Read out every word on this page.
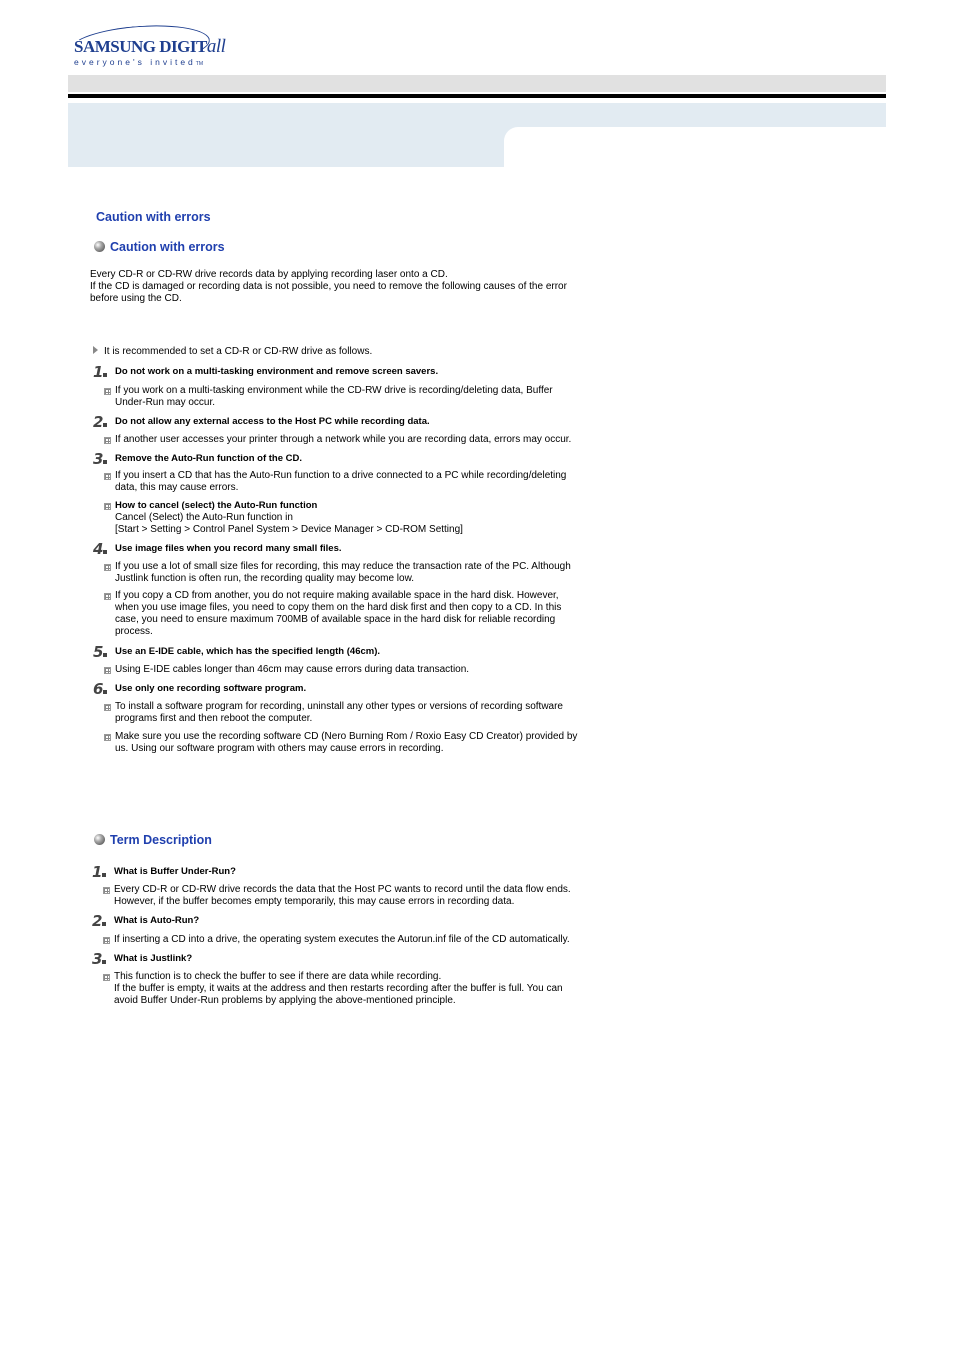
SAMSUNG DIGITall
everyone's invitedTM
Caution with errors
Caution with errors
Every CD-R or CD-RW drive records data by applying recording laser onto a CD.
If the CD is damaged or recording data is not possible, you need to remove the following causes of the error
before using the CD.
It is recommended to set a CD-R or CD-RW drive as follows.
1	Do not work on a multi-tasking environment and remove screen savers.
If you work on a multi-tasking environment while the CD-RW drive is recording/deleting data, Buffer
Under-Run may occur.
2	Do not allow any external access to the Host PC while recording data.
If another user accesses your printer through a network while you are recording data, errors may occur.
3	Remove the Auto-Run function of the CD.
If you insert a CD that has the Auto-Run function to a drive connected to a PC while recording/deleting
data, this may cause errors.
How to cancel (select) the Auto-Run function
Cancel (Select) the Auto-Run function in
[Start > Setting > Control Panel System > Device Manager > CD-ROM Setting]
4	Use image files when you record many small files.
If you use a lot of small size files for recording, this may reduce the transaction rate of the PC. Although
Justlink function is often run, the recording quality may become low.
If you copy a CD from another, you do not require making available space in the hard disk. However,
when you use image files, you need to copy them on the hard disk first and then copy to a CD. In this
case, you need to ensure maximum 700MB of available space in the hard disk for reliable recording
process.
5	Use an E-IDE cable, which has the specified length (46cm).
Using E-IDE cables longer than 46cm may cause errors during data transaction.
6	Use only one recording software program.
To install a software program for recording, uninstall any other types or versions of recording software
programs first and then reboot the computer.
Make sure you use the recording software CD (Nero Burning Rom / Roxio Easy CD Creator) provided by
us. Using our software program with others may cause errors in recording.
Term Description
1	What is Buffer Under-Run?
Every CD-R or CD-RW drive records the data that the Host PC wants to record until the data flow ends.
However, if the buffer becomes empty temporarily, this may cause errors in recording data.
2	What is Auto-Run?
If inserting a CD into a drive, the operating system executes the Autorun.inf file of the CD automatically.
3	What is Justlink?
This function is to check the buffer to see if there are data while recording.
If the buffer is empty, it waits at the address and then restarts recording after the buffer is full. You can
avoid Buffer Under-Run problems by applying the above-mentioned principle.
